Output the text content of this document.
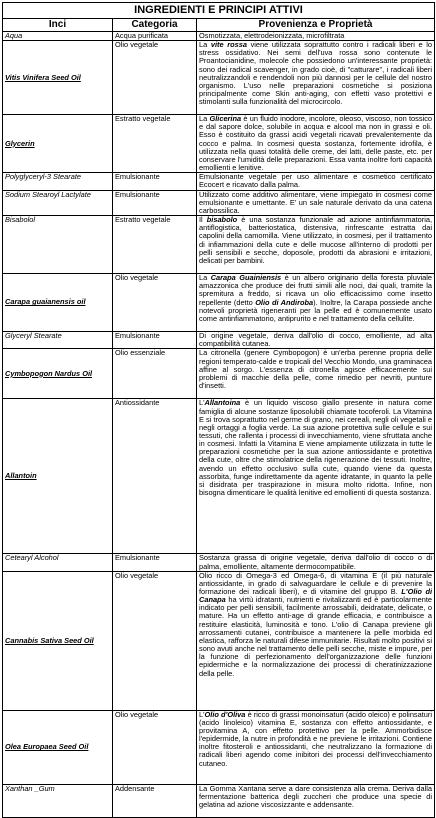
INGREDIENTI E PRINCIPI ATTIVI		
Inci	Categoria	Provenienza e Proprietà
Aqua	Acqua purificata	Osmotizzata, elettrodeionizzata, microfiltrata
Vitis Vinifera Seed Oil	Olio vegetale	La vite rossa viene utilizzata soprattutto contro i radicali liberi e lo stress ossidativo. Nei semi dell'uva rossa sono contenute le Proantocianidine, molecole che possiedono un'interessante proprietà: sono dei radical scavenger, in grado cioè, di "catturare", i radicali liberi neutralizzandoli e rendendoli non più dannosi per le cellule del nostro organismo. L'uso nelle preparazioni cosmetiche si posiziona principalmente come Skin anti-aging, con effetti vaso protettivi e stimolanti sulla funzionalità del microcircolo.
Glycerin	Estratto vegetale	La Glicerina è un fluido inodore, incolore, oleoso, viscoso, non tossico e dal sapore dolce, solubile in acqua e alcool ma non in grassi e oli. Esso è costituito da grassi acidi vegetali ricavati prevalentemente da cocco e palma. In cosmesi questa sostanza, fortemente idrofila, è utilizzata nella quasi totalità delle creme, dei latti, delle paste, etc. per conservare l'umidità delle preparazioni. Essa vanta inoltre forti capacità emollienti e lenitive.
Polyglyceryl-3 Stearate	Emulsionante	Emulsionante vegetale per uso alimentare e cosmetico certificato Ecocert e ricavato dalla palma.
Sodium Stearoyl Lactylate	Emulsionante	Utilizzato come additivo alimentare, viene impiegato in cosmesi come emulsionante e umettante. E' un sale naturale derivato da una catena carbossilica.
Bisabolol	Estratto vegetale	Il bisabolo è una sostanza funzionale ad azione antinfiammatoria, antiflogistica, batteriostatica, distensiva, rinfrescante estratta dai capolini della camomilla. Viene utilizzato, in cosmesi, per il trattamento di infiammazioni della cute e delle mucose all'interno di prodotti per pelli sensibili e secche, doposole, prodotti da abrasioni e irritazioni, delicati per bambini.
Carapa guaianensis oil	Olio vegetale	La Carapa Guainiensis è un albero originario della foresta pluviale amazzonica che produce dei frutti simili alle noci, dai quali, tramite la spremitura a freddo, si ricava un olio efficacissimo come insetto repellente (detto Olio di Andiroba). Inoltre, la Carapa possiede anche notevoli proprietà rigeneranti per la pelle ed è comunemente usato come antinfiammatorio, antiprurito e nel trattamento della cellulite.
Glyceryl Stearate	Emulsionante	Di origine vegetale, deriva dall'olio di cocco, emolliente, ad alta compatibilità cutanea.
Cymbopogon Nardus Oil	Olio essenziale	La citronella (genere Cymbopogon) è un'erba perenne propria delle regioni temperato-calde e tropicali del Vecchio Mondo, una graminacea affine al sorgo. L'essenza di citronella agisce efficacemente sui problemi di macchie della pelle, come rimedio per nevriti, punture d'insetti.
Allantoin	Antiossidante	L'Allantoina è un liquido viscoso giallo presente in natura come famiglia di alcune sostanze liposolubili chiamate tocoferoli. La Vitamina E si trova soprattutto nel germe di grano, nei cereali, negli oli vegetali e negli ortaggi a foglia verde. La sua azione protettiva sulle cellule e sui tessuti, che rallenta i processi di invecchiamento, viene sfruttata anche in cosmesi. Infatti la Vitamina E viene ampiamente utilizzata in tutte le preparazioni cosmetiche per la sua azione antiossidante e protettiva della cute, oltre che stimolatrice della rigenerazione dei tessuti. Inoltre, avendo un effetto occlusivo sulla cute, quando viene da questa assorbita, funge indirettamente da agente idratante, in quanto la pelle si disidrata per traspirazione in misura molto ridotta. Infine, non bisogna dimenticare le qualità lenitive ed emollienti di questa sostanza.
Cetearyl Alcohol	Emulsionante	Sostanza grassa di origine vegetale, deriva dall'olio di cocco o di palma, emolliente, altamente dermocompatibile.
Cannabis Sativa Seed Oil	Olio vegetale	Olio ricco di Omega-3 ed Omega-6, di vitamina E (il più naturale antiossidante, in grado di salvaguardare le cellule e di prevenire la formazione dei radicali liberi), e di vitamine del gruppo B. L'Olio di Canapa ha virtù idratanti, nutrienti e rivitalizzanti ed è particolarmente indicato per pelli sensibili, facilmente arrossabili, deidratate, delicate, o mature. Ha un effetto anti-age di grande efficacia, e contribuisce a restituire elasticità, luminosità e tono. L'olio di Canapa previene gli arrossamenti cutanei, contribuisce a mantenere la pelle morbida ed elastica, rafforza le naturali difese immunitarie. Risultati molto positivi si sono avuti anche nel trattamento delle pelli secche, miste e impure, per la funzione di perfezionamento dell'organizzazione delle funzioni epidermiche e la normalizzazione dei processi di cheratinizzazione della pelle.
Olea Europaea Seed Oil	Olio vegetale	L'Olio d'Oliva è ricco di grassi monoinsaturi (acido oleico) e polinsaturi (acido linoleico) vitamina E, sostanza con effetto antiossidante, e provitamina A, con effetto protettivo per la pelle. Ammorbidisce l'epidermide, la nutre in profondità e ne previene le irritazioni. Contiene inoltre fitosteroli e antiossidanti, che neutralizzano la formazione di radicali liberi agendo come inibitori dei processi dell'invecchiamento cutaneo.
Xanthan _Gum	Addensante	La Gomma Xantana serve a dare consistenza alla crema. Deriva dalla fermentazione batterica degli zuccheri che produce una specie di gelatina ad azione viscosizzante e addensante.
